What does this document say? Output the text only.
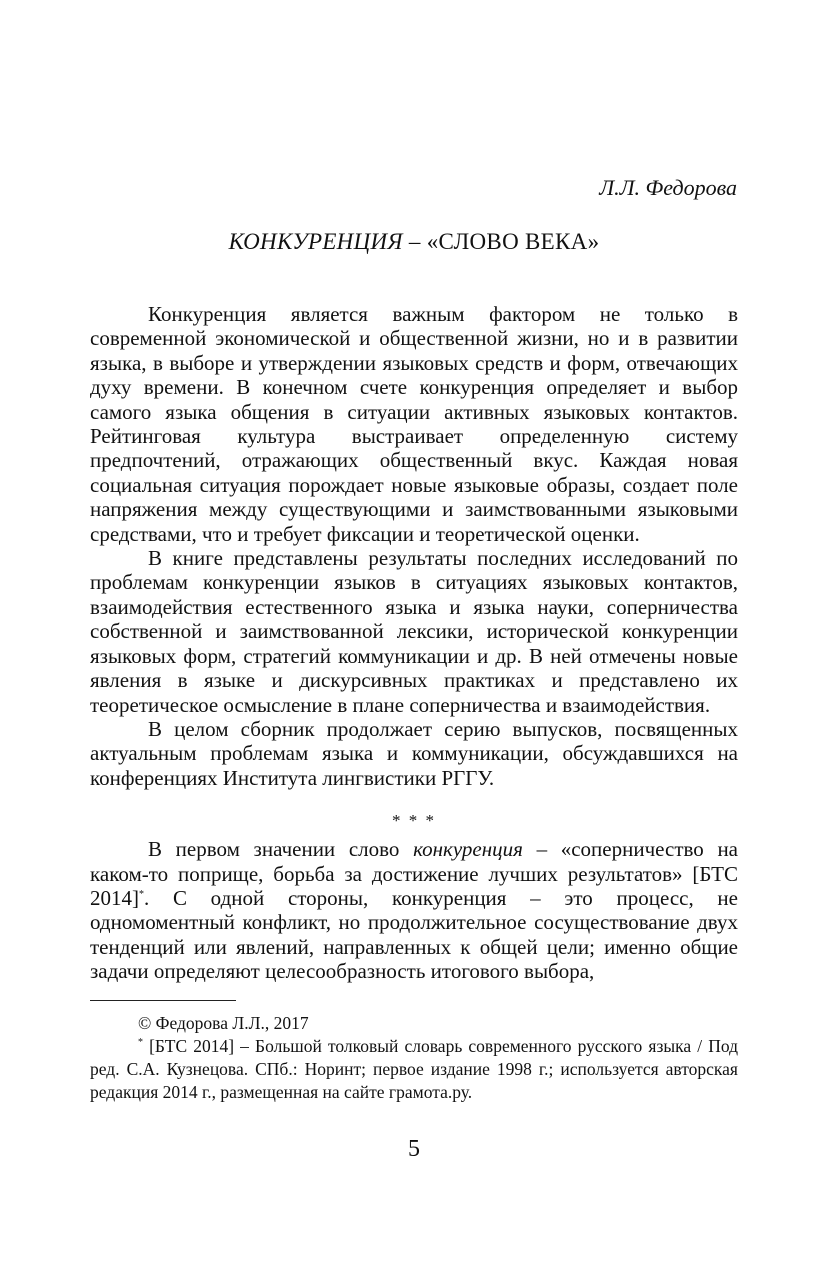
Л.Л. Федорова
КОНКУРЕНЦИЯ – «СЛОВО ВЕКА»

Конкуренция является важным фактором не только в современной экономической и общественной жизни, но и в развитии языка, в выборе и утверждении языковых средств и форм, отвечающих духу времени. В конечном счете конкуренция определяет и выбор самого языка общения в ситуации активных языковых контактов. Рейтинговая культура выстраивает определенную систему предпочтений, отражающих общественный вкус. Каждая новая социальная ситуация порождает новые языковые образы, создает поле напряжения между существующими и заимствованными языковыми средствами, что и требует фиксации и теоретической оценки.

В книге представлены результаты последних исследований по проблемам конкуренции языков в ситуациях языковых контактов, взаимодействия естественного языка и языка науки, соперничества собственной и заимствованной лексики, исторической конкуренции языковых форм, стратегий коммуникации и др. В ней отмечены новые явления в языке и дискурсивных практиках и представлено их теоретическое осмысление в плане соперничества и взаимодействия.

В целом сборник продолжает серию выпусков, посвященных актуальным проблемам языка и коммуникации, обсуждавшихся на конференциях Института лингвистики РГГУ.

* * *

В первом значении слово конкуренция – «соперничество на каком-то поприще, борьба за достижение лучших результатов» [БТС 2014]*. С одной стороны, конкуренция – это процесс, не одномоментный конфликт, но продолжительное сосуществование двух тенденций или явлений, направленных к общей цели; именно общие задачи определяют целесообразность итогового выбора,

© Федорова Л.Л., 2017

* [БТС 2014] – Большой толковый словарь современного русского языка / Под ред. С.А. Кузнецова. СПб.: Норинт; первое издание 1998 г.; используется авторская редакция 2014 г., размещенная на сайте грамота.ру.

5
